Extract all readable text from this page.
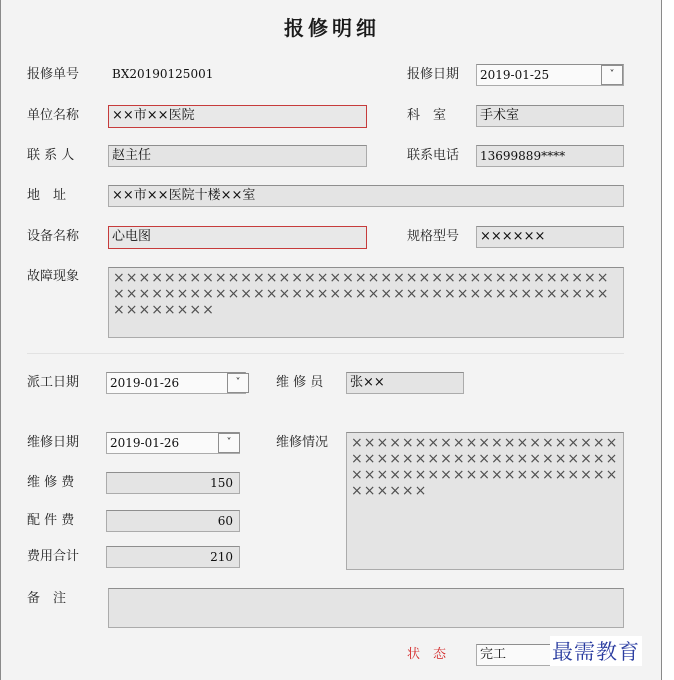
报修明细
报修单号	BX20190125001	报修日期	2019-01-25	˅
单位名称	××市××医院	科　室	手术室
联 系 人	赵主任	联系电话	13699889****
地　址	××市××医院十楼××室
设备名称	心电图	规格型号	××××××
故障现象	××××××××××××××××××××××××××××××××××××××××××××××××××××××××××××××××××××××××××××××××××××××
派工日期	2019-01-26	˅	维 修 员	张××
维修日期	2019-01-26	˅	维修情况	×××××××××××××××××××××××××××××××××××××××××××××××××××××××××××××××××××××
维 修 费	150
配 件 费	60
费用合计	210
备　注
状　态	完工	最需教育
